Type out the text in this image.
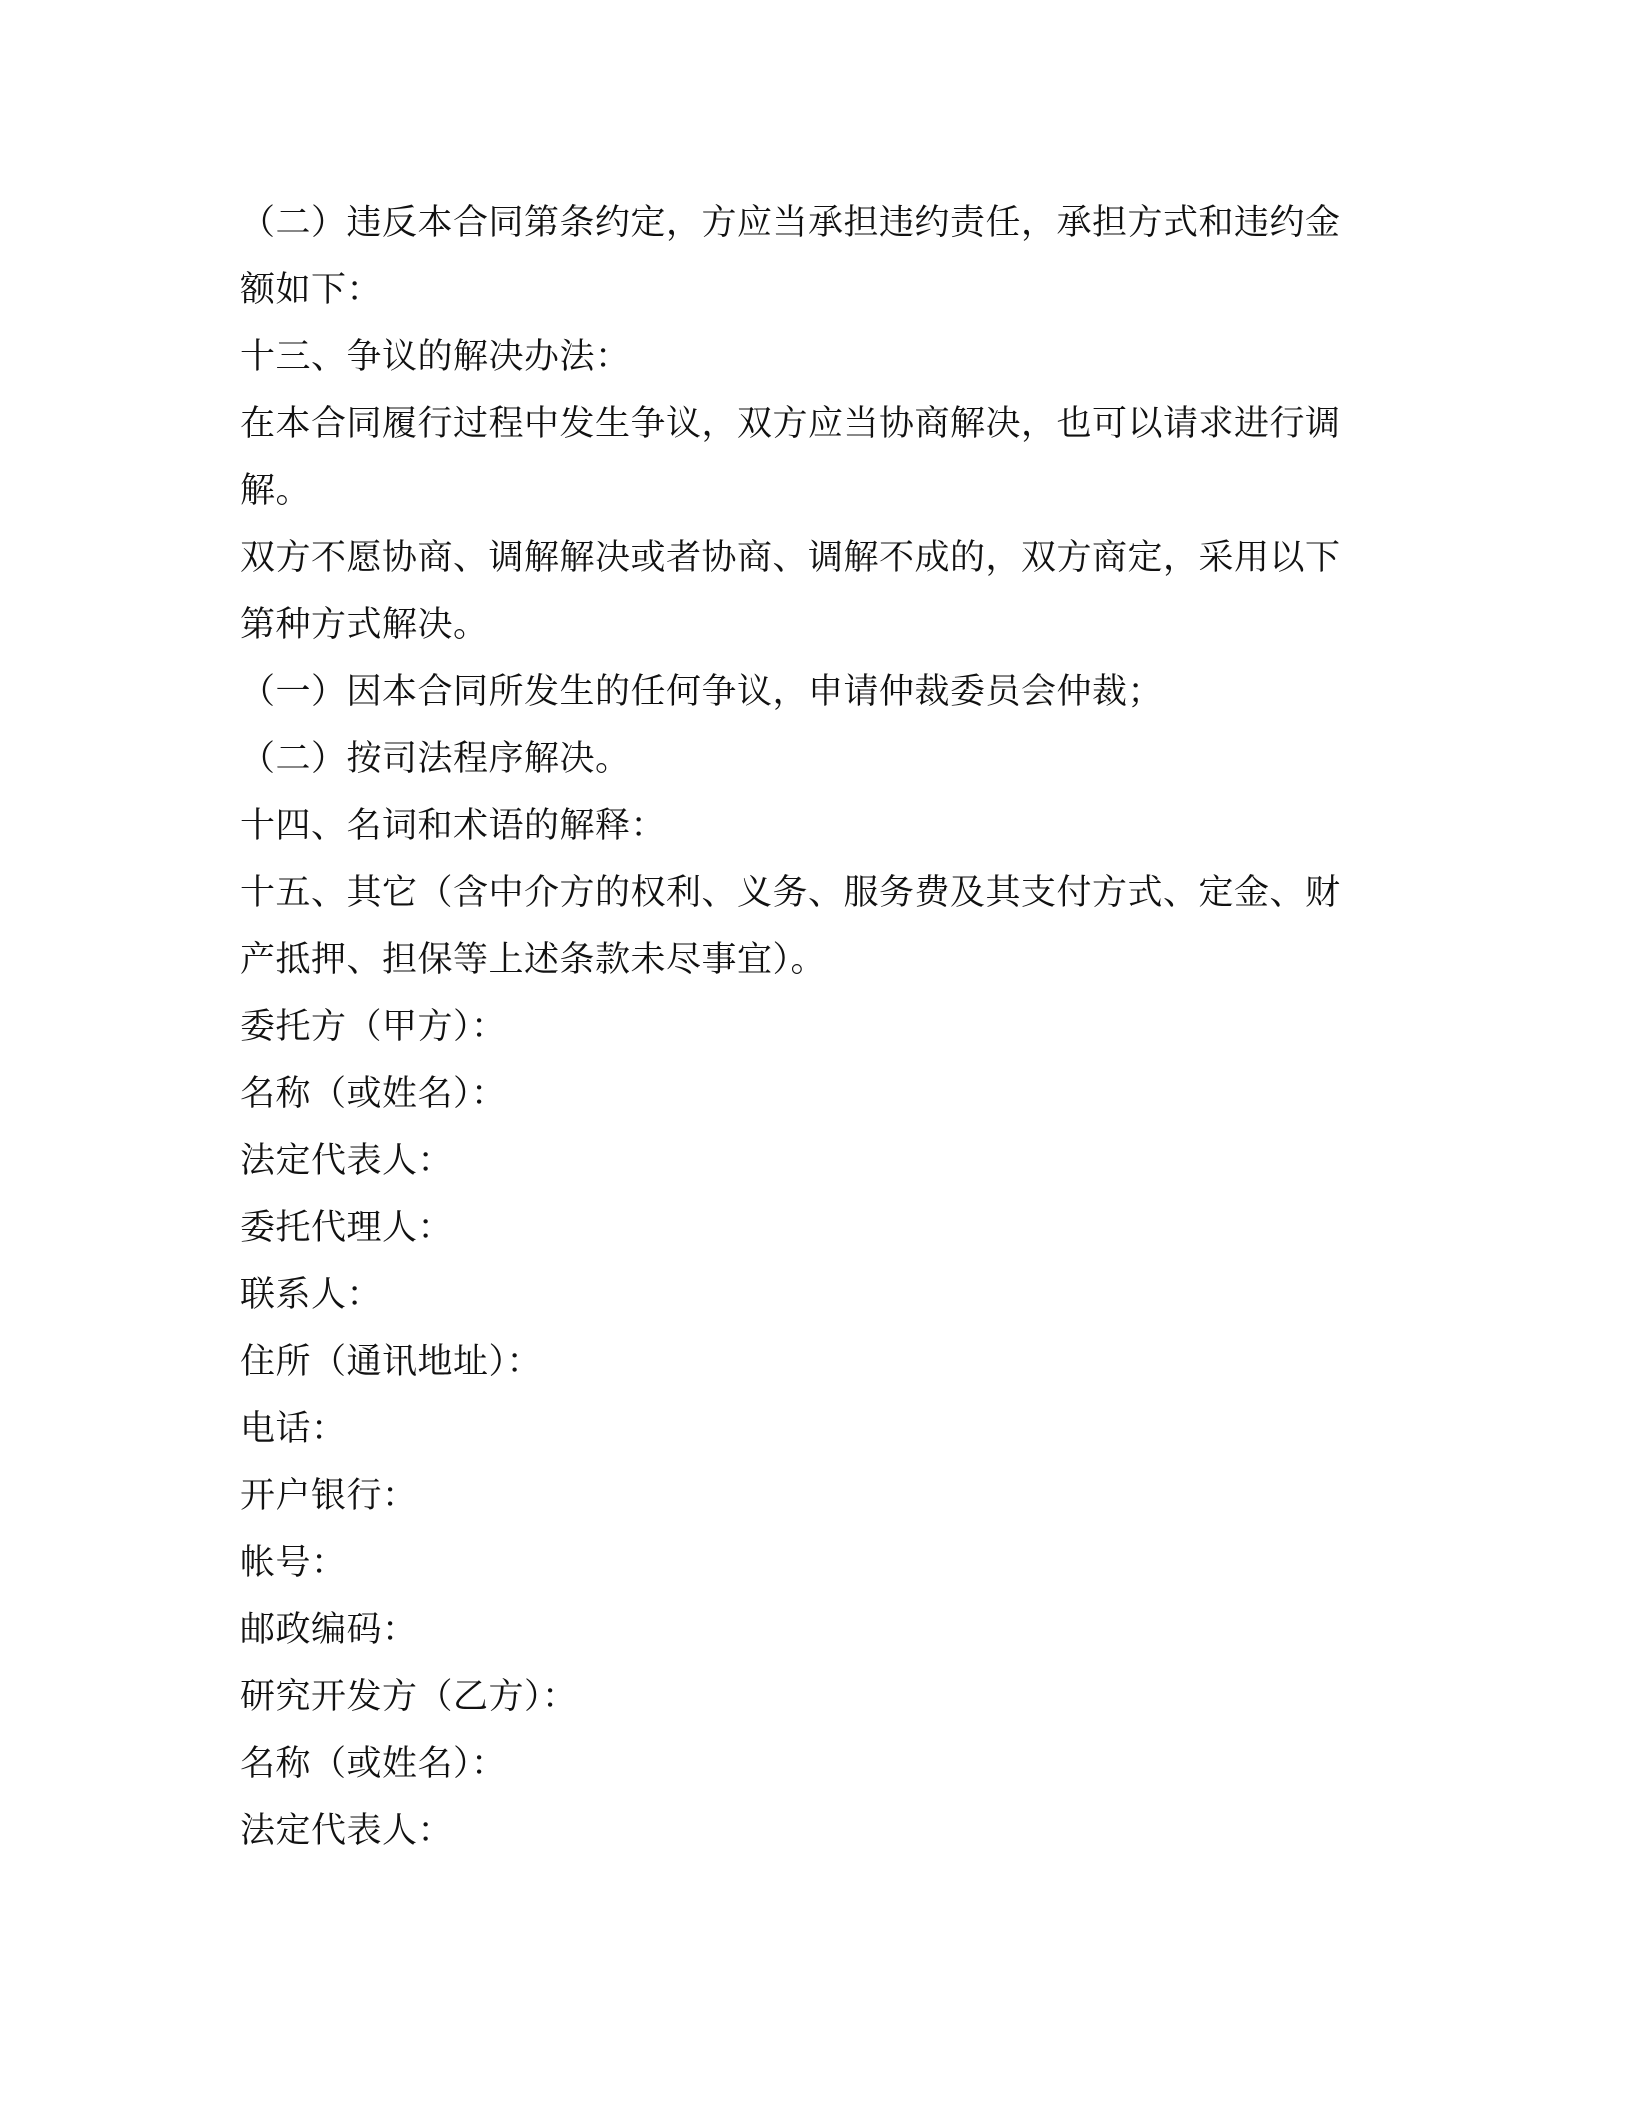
（二）违反本合同第条约定，方应当承担违约责任，承担方式和违约金
额如下：
十三、争议的解决办法：
在本合同履行过程中发生争议，双方应当协商解决，也可以请求进行调
解。
双方不愿协商、调解解决或者协商、调解不成的，双方商定，采用以下
第种方式解决。
（一）因本合同所发生的任何争议，申请仲裁委员会仲裁；
（二）按司法程序解决。
十四、名词和术语的解释：
十五、其它（含中介方的权利、义务、服务费及其支付方式、定金、财
产抵押、担保等上述条款未尽事宜）。
委托方（甲方）：
名称（或姓名）：
法定代表人：
委托代理人：
联系人：
住所（通讯地址）：
电话：
开户银行：
帐号：
邮政编码：
研究开发方（乙方）：
名称（或姓名）：
法定代表人：
